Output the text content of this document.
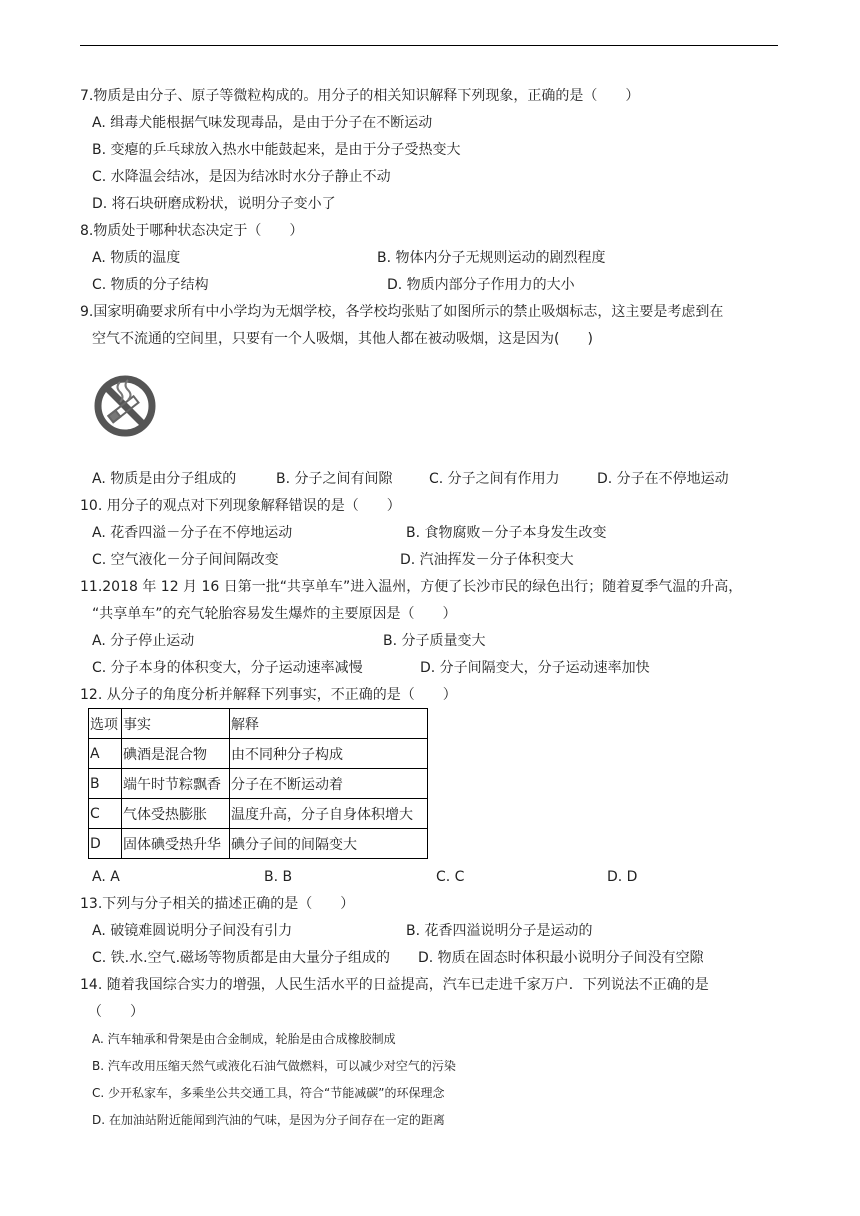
7.物质是由分子、原子等微粒构成的。用分子的相关知识解释下列现象，正确的是（　　）
A. 缉毒犬能根据气味发现毒品，是由于分子在不断运动
B. 变瘪的乒乓球放入热水中能鼓起来，是由于分子受热变大
C. 水降温会结冰，是因为结冰时水分子静止不动
D. 将石块研磨成粉状，说明分子变小了
8.物质处于哪种状态决定于（　　）
A. 物质的温度	B. 物体内分子无规则运动的剧烈程度
C. 物质的分子结构	D. 物质内部分子作用力的大小
9.国家明确要求所有中小学均为无烟学校，各学校均张贴了如图所示的禁止吸烟标志，这主要是考虑到在
空气不流通的空间里，只要有一个人吸烟，其他人都在被动吸烟，这是因为(　　)
A. 物质是由分子组成的	B. 分子之间有间隙	C. 分子之间有作用力	D. 分子在不停地运动
10. 用分子的观点对下列现象解释错误的是（　　）
A. 花香四溢－分子在不停地运动	B. 食物腐败－分子本身发生改变
C. 空气液化－分子间间隔改变	D. 汽油挥发－分子体积变大
11.2018 年 12 月 16 日第一批“共享单车”进入温州，方便了长沙市民的绿色出行；随着夏季气温的升高，
“共享单车”的充气轮胎容易发生爆炸的主要原因是（　　）
A. 分子停止运动	B. 分子质量变大
C. 分子本身的体积变大，分子运动速率减慢	D. 分子间隔变大，分子运动速率加快
12. 从分子的角度分析并解释下列事实，不正确的是（　　）
选项	事实	解释
A	碘酒是混合物	由不同种分子构成
B	端午时节粽飘香	分子在不断运动着
C	气体受热膨胀	温度升高，分子自身体积增大
D	固体碘受热升华	碘分子间的间隔变大
A. A	B. B	C. C	D. D
13.下列与分子相关的描述正确的是（　　）
A. 破镜难圆说明分子间没有引力	B. 花香四溢说明分子是运动的
C. 铁.水.空气.磁场等物质都是由大量分子组成的 D. 物质在固态时体积最小说明分子间没有空隙
14. 随着我国综合实力的增强，人民生活水平的日益提高，汽车已走进千家万户．下列说法不正确的是
（　　）
A. 汽车轴承和骨架是由合金制成，轮胎是由合成橡胶制成
B. 汽车改用压缩天然气或液化石油气做燃料，可以减少对空气的污染
C. 少开私家车，多乘坐公共交通工具，符合“节能减碳”的环保理念
D. 在加油站附近能闻到汽油的气味，是因为分子间存在一定的距离
